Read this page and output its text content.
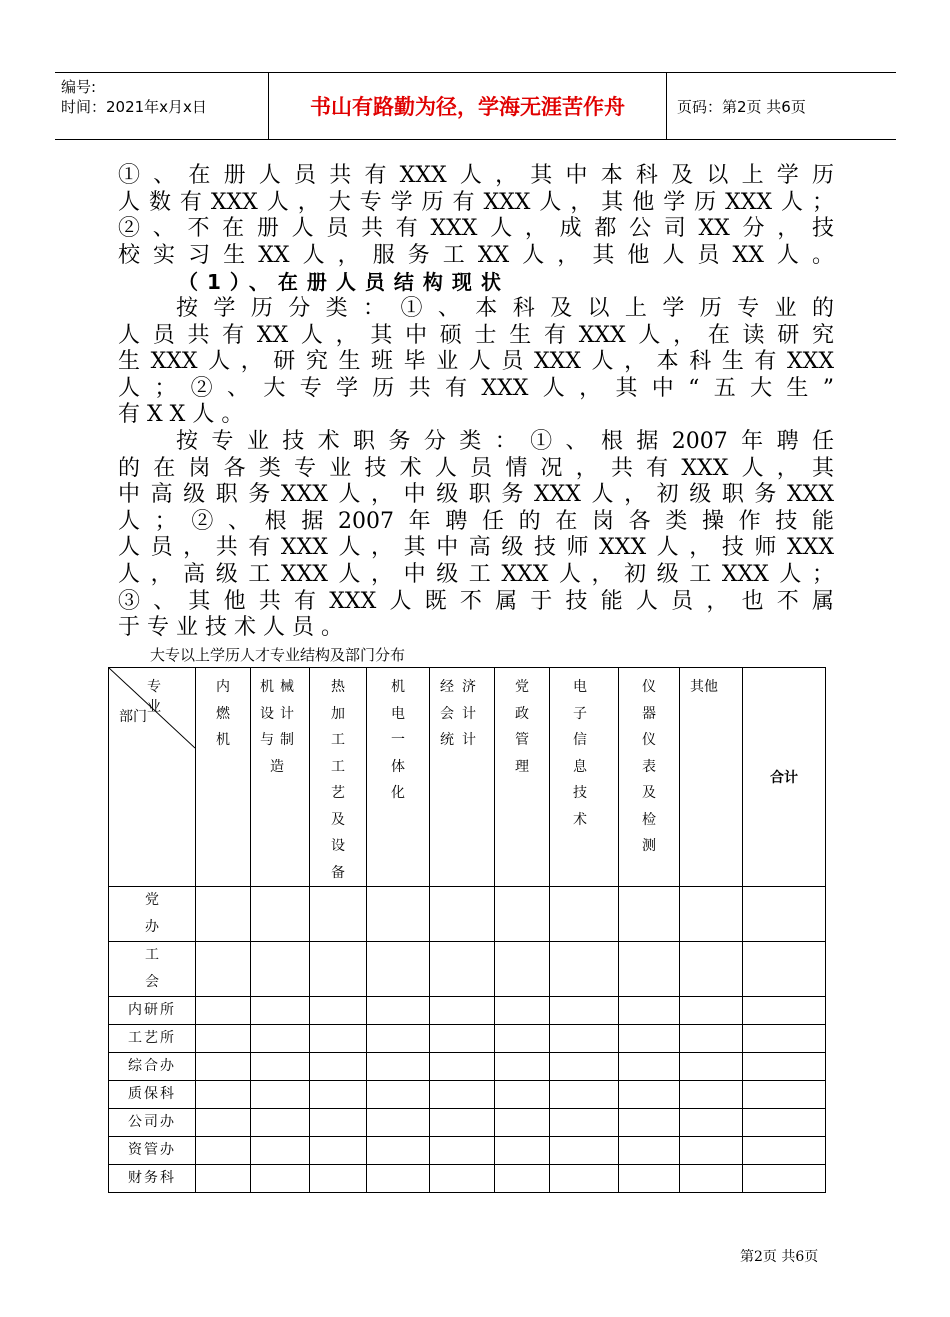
编号:
时间：2021年x月x日	书山有路勤为径，学海无涯苦作舟	页码：第2页 共6页
①、在册人员共有XXX人，其中本科及以上学历
人数有XXX人，大专学历有XXX人，其他学历XXX人；
②、不在册人员共有XXX人，成都公司XX分，技
校实习生XX人，服务工XX人，其他人员XX人。
（1）、在册人员结构现状
按学历分类：①、本科及以上学历专业的
人员共有XX人，其中硕士生有XXX人，在读研究
生XXX人，研究生班毕业人员XXX人，本科生有XXX
人；②、大专学历共有XXX人，其中“五大生”
有XX人。
按专业技术职务分类：①、根据2007年聘任
的在岗各类专业技术人员情况，共有XXX人，其
中高级职务XXX人，中级职务XXX人，初级职务XXX
人；②、根据2007年聘任的在岗各类操作技能
人员，共有XXX人，其中高级技师XXX人，技师XXX
人，高级工XXX人，中级工XXX人，初级工XXX人；
③、其他共有XXX人既不属于技能人员，也不属
于专业技术人员。
大专以上学历人才专业结构及部门分布
专业
部门	内燃机	机械设计与制造	热加工工艺及设备	机电一体化	经济会计统计	党政管理	电子信息技术	仪器仪表及检测	其他	合计

党办										

工会										

内研所										
工艺所										
综合办										
质保科										
公司办										
资管办										
财务科										
第2页 共6页
